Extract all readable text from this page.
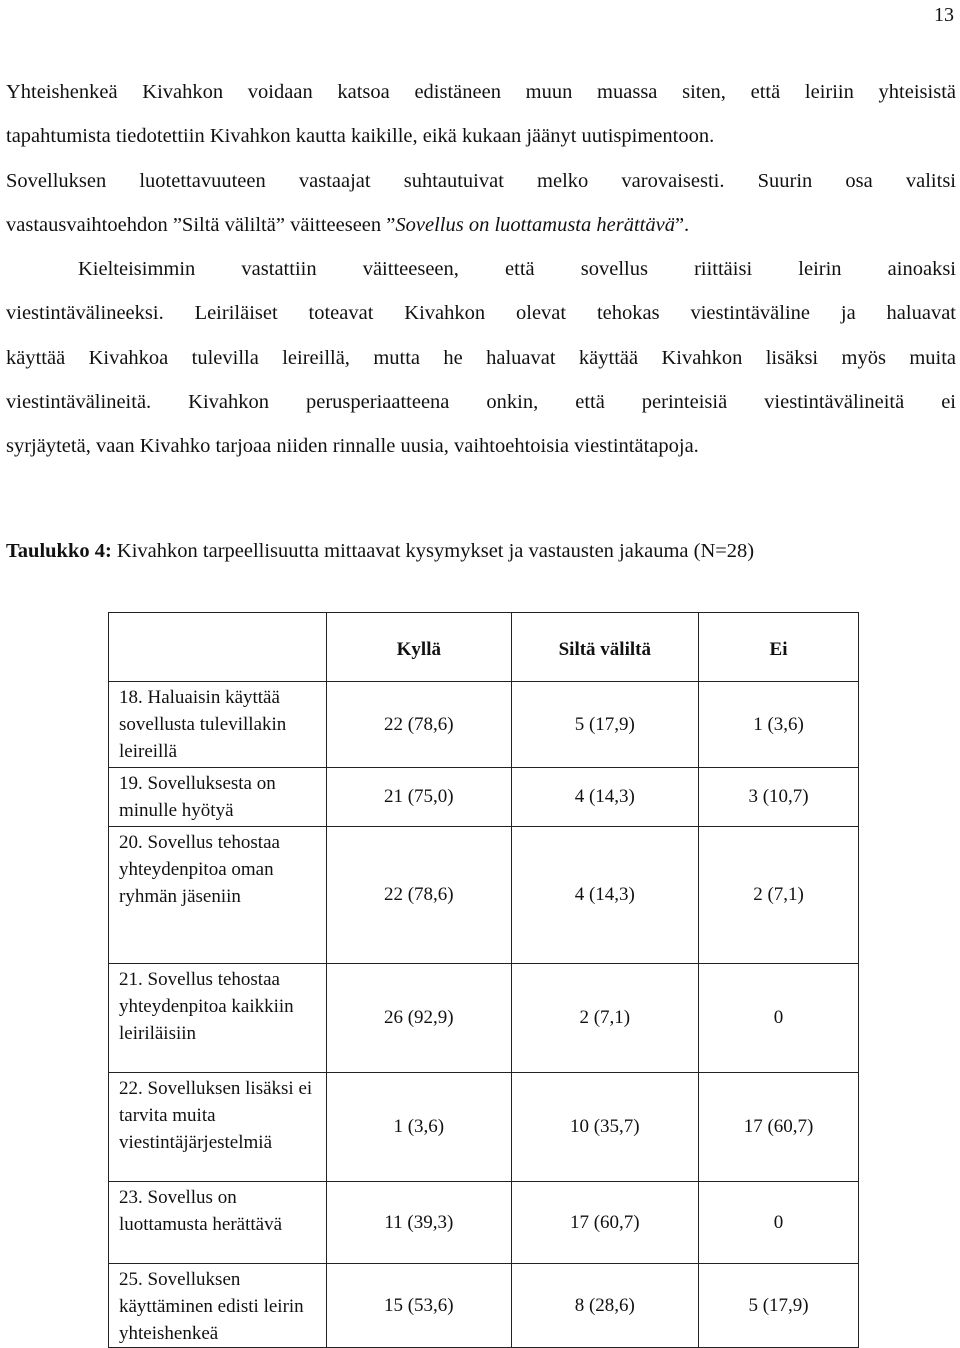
13
Yhteishenkeä Kivahkon voidaan katsoa edistäneen muun muassa siten, että leiriin yhteisistä
tapahtumista tiedotettiin Kivahkon kautta kaikille, eikä kukaan jäänyt uutispimentoon.
Sovelluksen luotettavuuteen vastaajat suhtautuivat melko varovaisesti. Suurin osa valitsi
vastausvaihtoehdon ”Siltä väliltä” väitteeseen ”Sovellus on luottamusta herättävä”.
Kielteisimmin vastattiin väitteeseen, että sovellus riittäisi leirin ainoaksi
viestintävälineeksi. Leiriläiset toteavat Kivahkon olevat tehokas viestintäväline ja haluavat
käyttää Kivahkoa tulevilla leireillä, mutta he haluavat käyttää Kivahkon lisäksi myös muita
viestintävälineitä. Kivahkon perusperiaatteena onkin, että perinteisiä viestintävälineitä ei
syrjäytetä, vaan Kivahko tarjoaa niiden rinnalle uusia, vaihtoehtoisia viestintätapoja.
Taulukko 4: Kivahkon tarpeellisuutta mittaavat kysymykset ja vastausten jakauma (N=28)
	Kyllä	Siltä väliltä	Ei
18. Haluaisin käyttää sovellusta tulevillakin leireillä	22 (78,6)	5 (17,9)	1 (3,6)
19. Sovelluksesta on minulle hyötyä	21 (75,0)	4 (14,3)	3 (10,7)
20. Sovellus tehostaa yhteydenpitoa oman ryhmän jäseniin	22 (78,6)	4 (14,3)	2 (7,1)
21. Sovellus tehostaa yhteydenpitoa kaikkiin leiriläisiin	26 (92,9)	2 (7,1)	0
22. Sovelluksen lisäksi ei tarvita muita viestintäjärjestelmiä	1 (3,6)	10 (35,7)	17 (60,7)
23. Sovellus on luottamusta herättävä	11 (39,3)	17 (60,7)	0
25. Sovelluksen käyttäminen edisti leirin yhteishenkeä	15 (53,6)	8 (28,6)	5 (17,9)
